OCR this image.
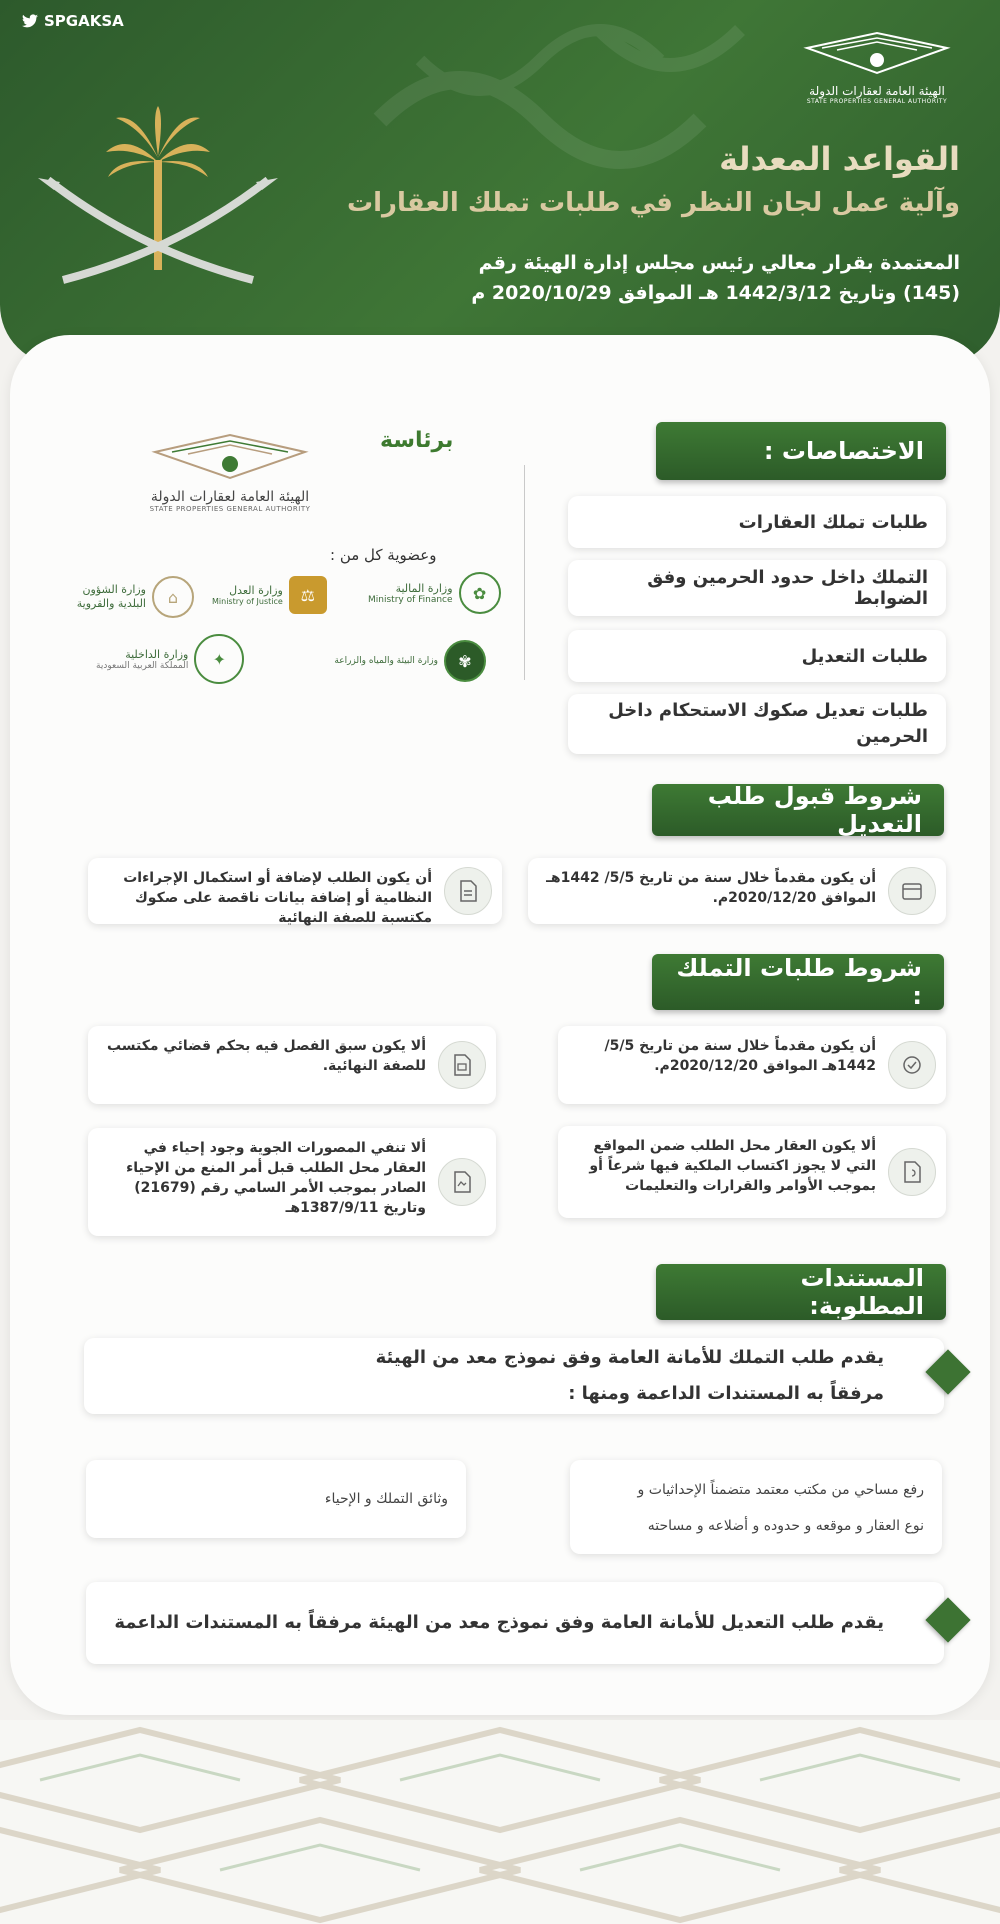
SPGAKSA
الهيئة العامة لعقارات الدولة
STATE PROPERTIES GENERAL AUTHORITY
القواعد المعدلة
وآلية عمل لجان النظر في طلبات تملك العقارات
المعتمدة بقرار معالي رئيس مجلس إدارة الهيئة رقم
(145) وتاريخ 1442/3/12 هـ الموافق 2020/10/29 م
برئاسة
الهيئة العامة لعقارات الدولة
STATE PROPERTIES GENERAL AUTHORITY
وعضوية كل من :
✿
وزارة المالية
Ministry of Finance
⚖
وزارة العدل
Ministry of Justice
⌂
وزارة الشؤون البلدية والقروية
✾
وزارة البيئة والمياه والزراعة
✦
وزارة الداخلية
المملكة العربية السعودية
الاختصاصات :
طلبات تملك العقارات
التملك داخل حدود الحرمين وفق الضوابط
طلبات التعديل
طلبات تعديل صكوك الاستحكام داخل الحرمين
شروط قبول طلب التعديل
أن يكون مقدماً خلال سنة من تاريخ 5/5/ 1442هـ الموافق 2020/12/20م.
أن يكون الطلب لإضافة أو استكمال الإجراءات النظامية أو إضافة بيانات ناقصة على صكوك مكتسبة للصفة النهائية
شروط طلبات التملك :
أن يكون مقدماً خلال سنة من تاريخ 5/5/ 1442هـ الموافق 2020/12/20م.
ألا يكون سبق الفصل فيه بحكم قضائي مكتسب للصفة النهائية.
ألا يكون العقار محل الطلب ضمن المواقع التي لا يجوز اكتساب الملكية فيها شرعاً أو بموجب الأوامر والقرارات والتعليمات
ألا تنفي المصورات الجوية وجود إحياء في العقار محل الطلب قبل أمر المنع من الإحياء الصادر بموجب الأمر السامي رقم (21679) وتاريخ 1387/9/11هـ
المستندات المطلوبة:
يقدم طلب التملك للأمانة العامة وفق نموذج معد من الهيئة
مرفقاً به المستندات الداعمة ومنها :
رفع مساحي من مكتب معتمد متضمناً الإحداثيات و
نوع العقار و موقعه و حدوده و أضلاعه و مساحته
وثائق التملك و الإحياء
يقدم طلب التعديل للأمانة العامة وفق نموذج معد من الهيئة مرفقاً به المستندات الداعمة
